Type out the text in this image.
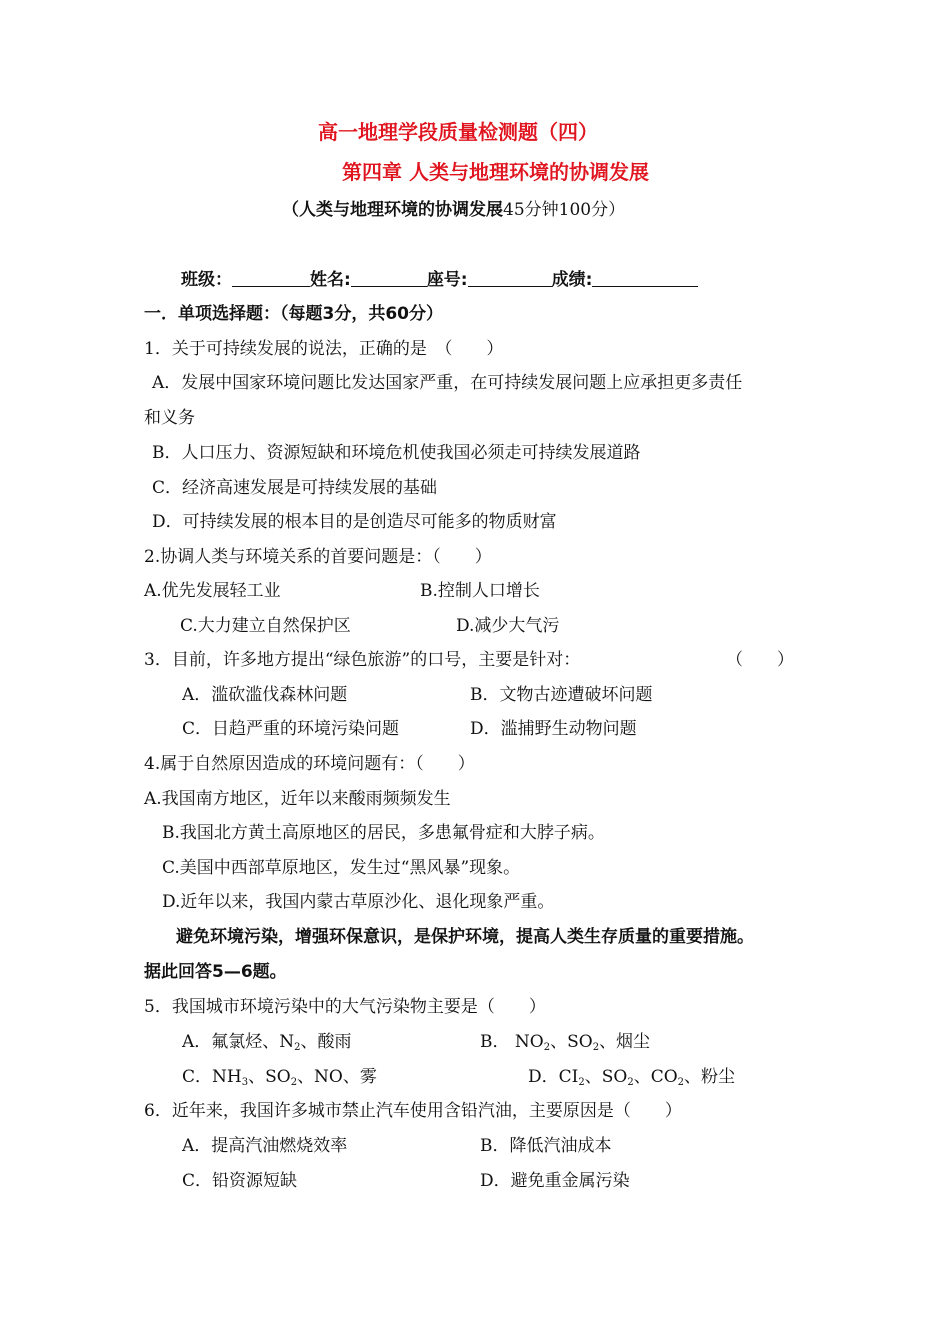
高一地理学段质量检测题（四）
第四章 人类与地理环境的协调发展
（人类与地理环境的协调发展45分钟100分）
班级：	姓名:	座号:	成绩:
一．单项选择题：（每题3分，共60分）
1．关于可持续发展的说法，正确的是　（　　）
A．发展中国家环境问题比发达国家严重，在可持续发展问题上应承担更多责任
和义务
B．人口压力、资源短缺和环境危机使我国必须走可持续发展道路
C．经济高速发展是可持续发展的基础
D．可持续发展的根本目的是创造尽可能多的物质财富
2.协调人类与环境关系的首要问题是：（　　）
A.优先发展轻工业	B.控制人口增长
C.大力建立自然保护区	D.减少大气污
3．目前，许多地方提出“绿色旅游”的口号，主要是针对：	（　　）
A．滥砍滥伐森林问题	B．文物古迹遭破坏问题
C．日趋严重的环境污染问题	D．滥捕野生动物问题
4.属于自然原因造成的环境问题有：（　　）
A.我国南方地区，近年以来酸雨频频发生
B.我国北方黄土高原地区的居民，多患氟骨症和大脖子病。
C.美国中西部草原地区，发生过“黑风暴”现象。
D.近年以来，我国内蒙古草原沙化、退化现象严重。
避免环境污染，增强环保意识，是保护环境，提高人类生存质量的重要措施。
据此回答5—6题。
5．我国城市环境污染中的大气污染物主要是（　　）
A．氟氯烃、$N_2$、酸雨	B． $NO_2$、$SO_2$、烟尘
C．$NH_3$、$SO_2$、NO、雾	D．$CI_2$、$SO_2$、$CO_2$、粉尘
6．近年来，我国许多城市禁止汽车使用含铅汽油，主要原因是（　　）
A．提高汽油燃烧效率	B．降低汽油成本
C．铅资源短缺	D．避免重金属污染
